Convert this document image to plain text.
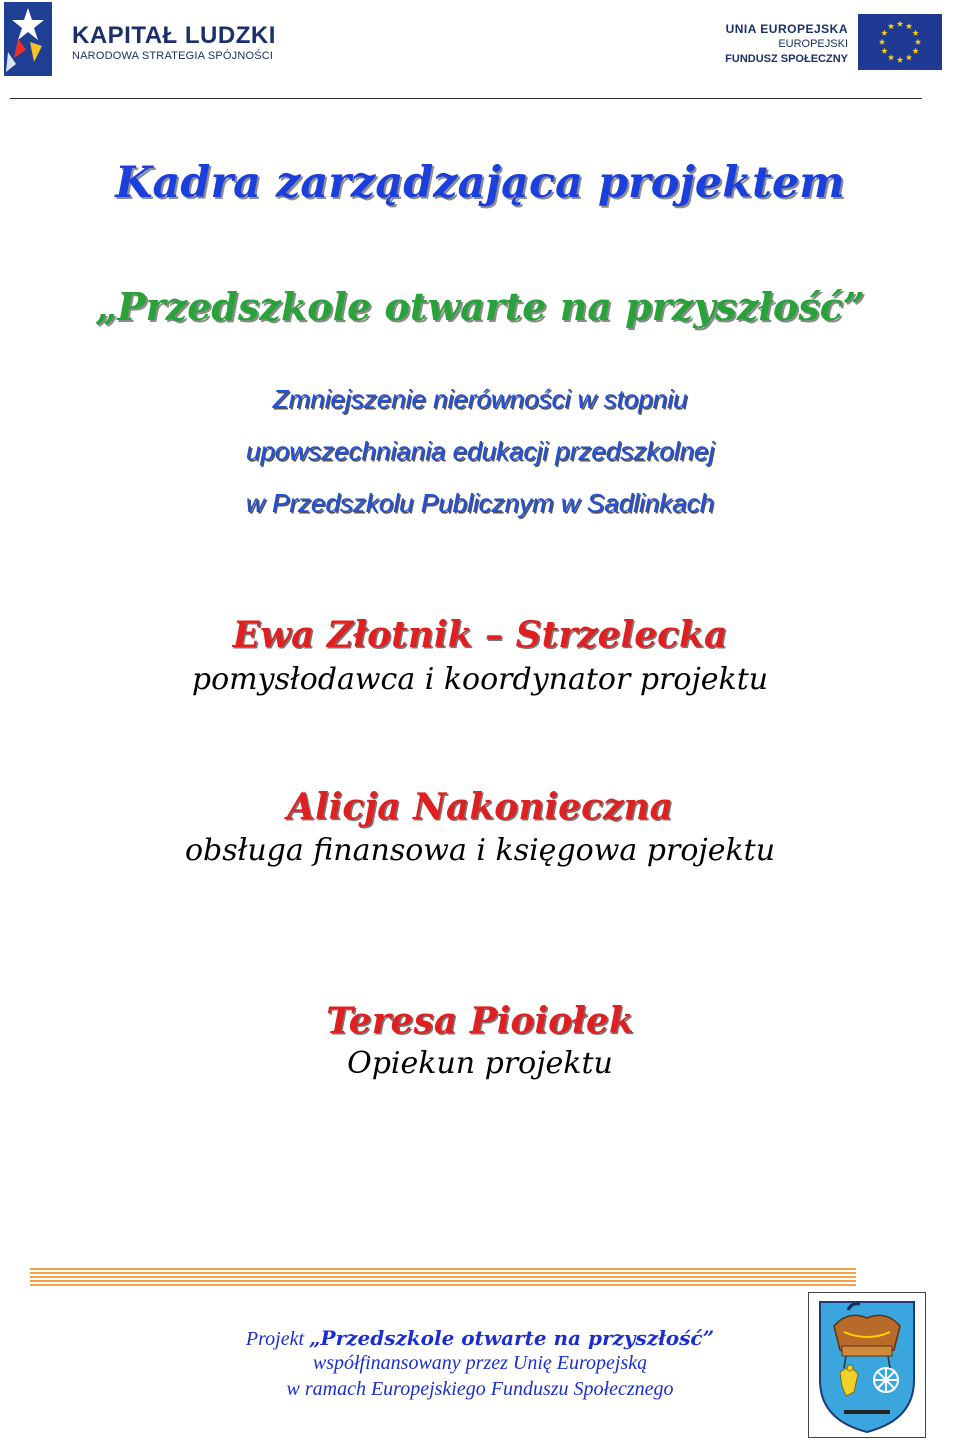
KAPITAŁ LUDZKI
NARODOWA STRATEGIA SPÓJNOŚCI
UNIA EUROPEJSKA
EUROPEJSKI
FUNDUSZ SPOŁECZNY
Kadra zarządzająca projektem
„Przedszkole otwarte na przyszłość”
Zmniejszenie nierówności w stopniu
upowszechniania edukacji przedszkolnej
w Przedszkolu Publicznym w Sadlinkach
Ewa Złotnik – Strzelecka
pomysłodawca i koordynator projektu
Alicja Nakonieczna
obsługa finansowa i księgowa projektu
Teresa Pioiołek
Opiekun projektu
Projekt „Przedszkole otwarte na przyszłość”
współfinansowany przez Unię Europejską
w ramach Europejskiego Funduszu Społecznego
